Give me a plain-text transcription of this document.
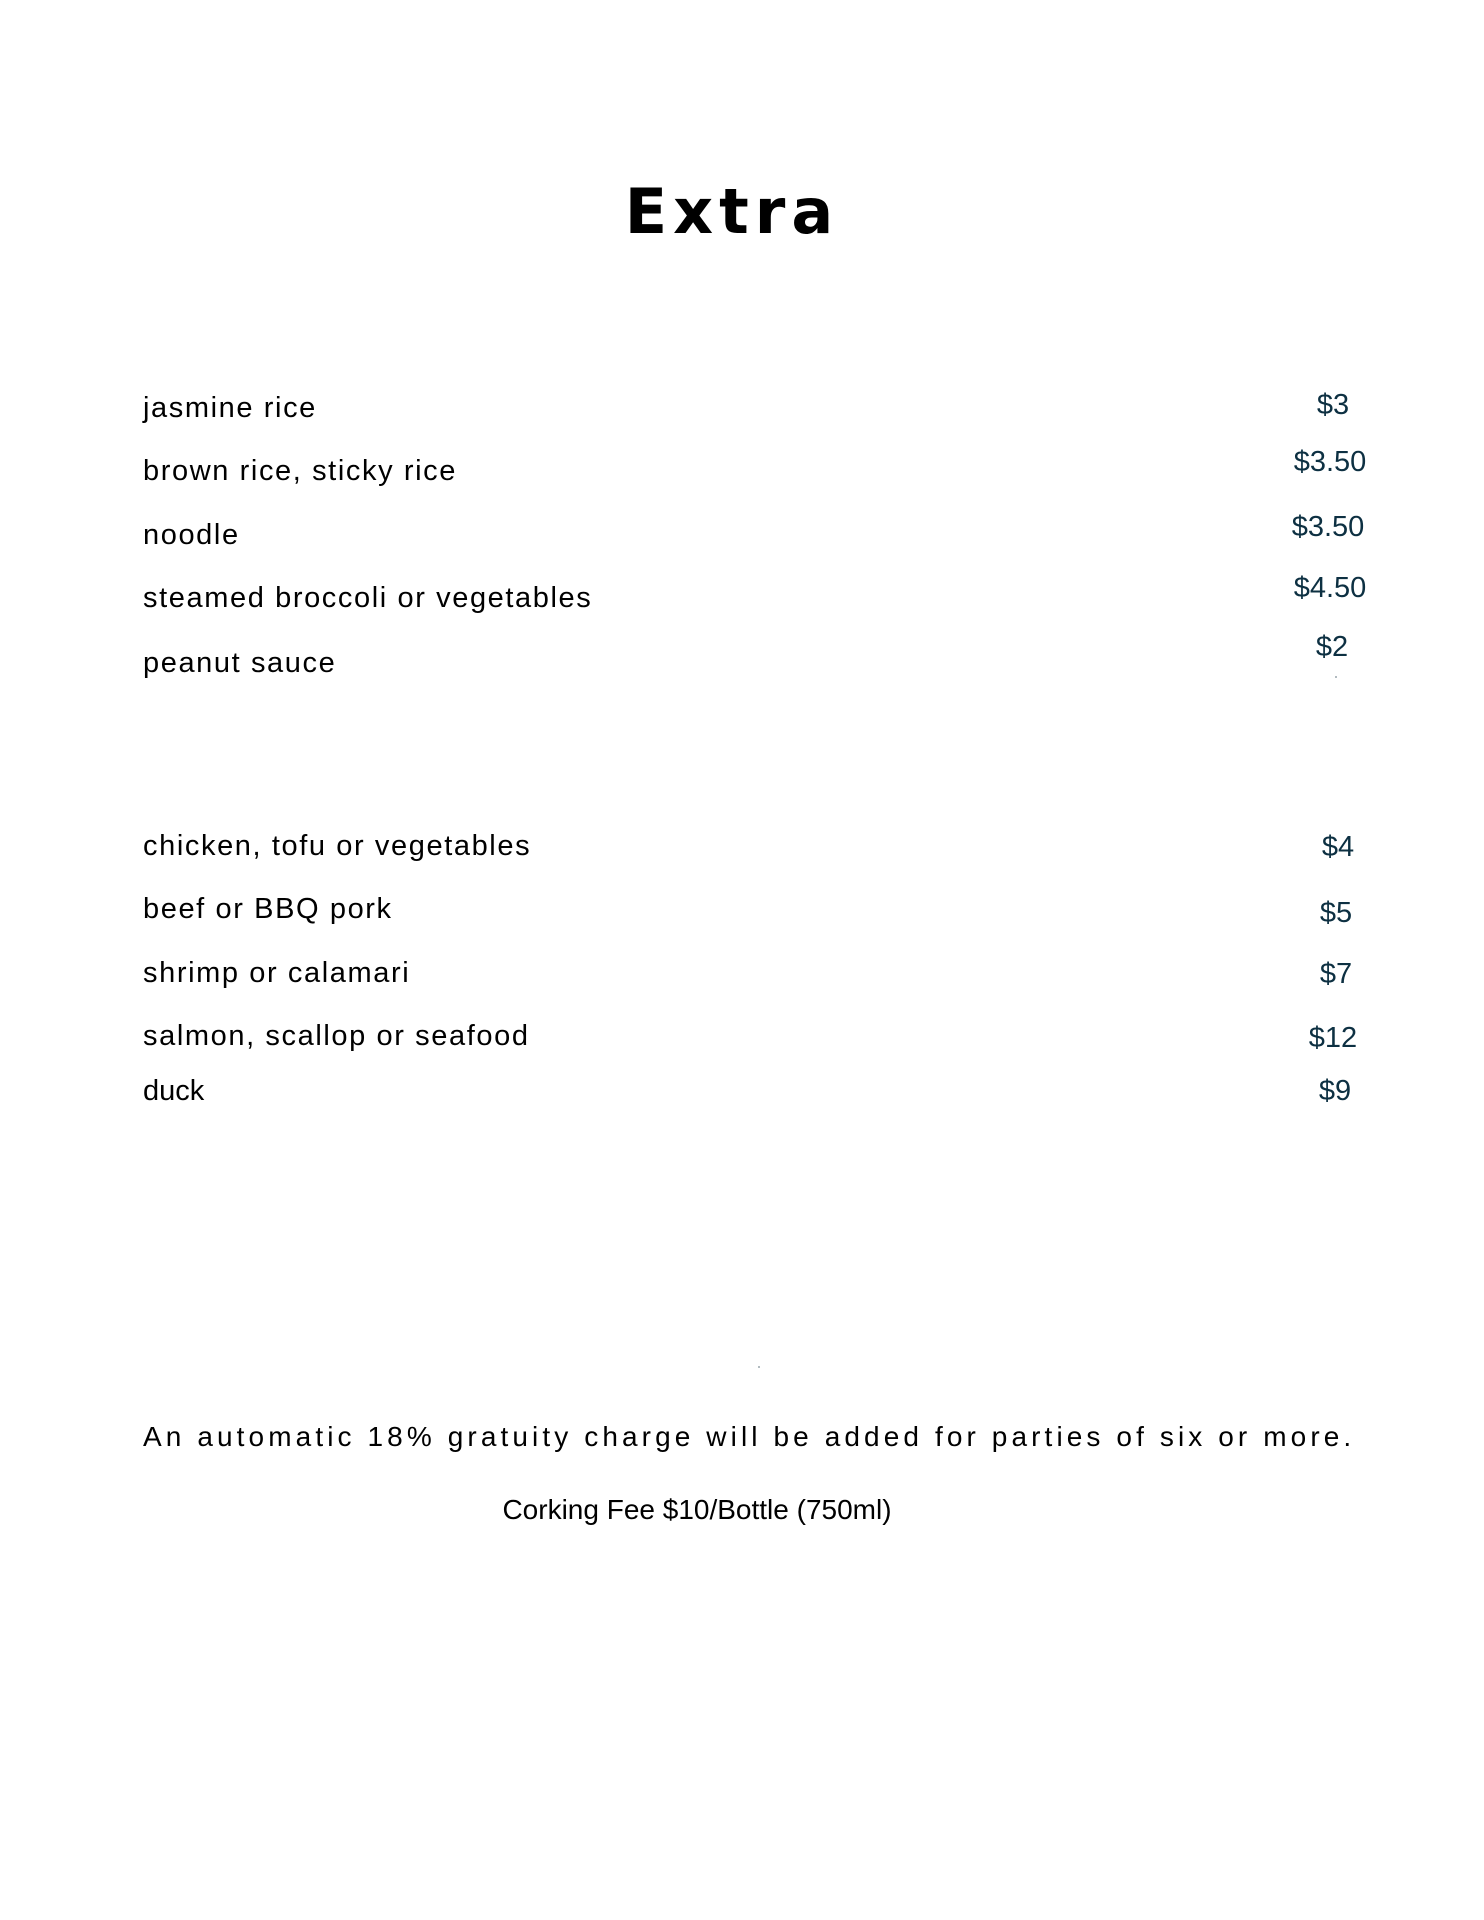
Extra
jasmine rice	$3
brown rice, sticky rice	$3.50
noodle	$3.50
steamed broccoli or vegetables	$4.50
peanut sauce	$2
chicken, tofu or vegetables	$4
beef or BBQ pork	$5
shrimp or calamari	$7
salmon, scallop or seafood	$12
duck	$9
An automatic 18% gratuity charge will be added for parties of six or more.
Corking Fee $10/Bottle (750ml)
